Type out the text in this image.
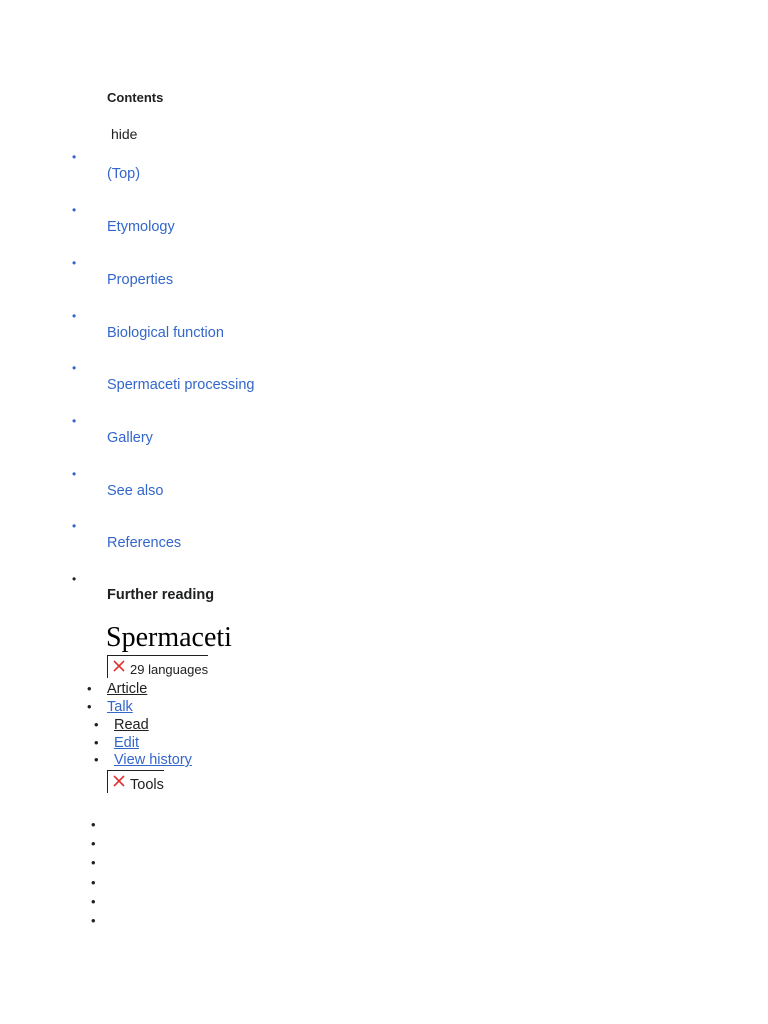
Contents
hide
•
(Top)
•
Etymology
•
Properties
•
Biological function
•
Spermaceti processing
•
Gallery
•
See also
•
References
•
Further reading
Spermaceti
29 languages
• Article
• Talk
• Read
• Edit
• View history
Tools
•
•
•
•
•
•
